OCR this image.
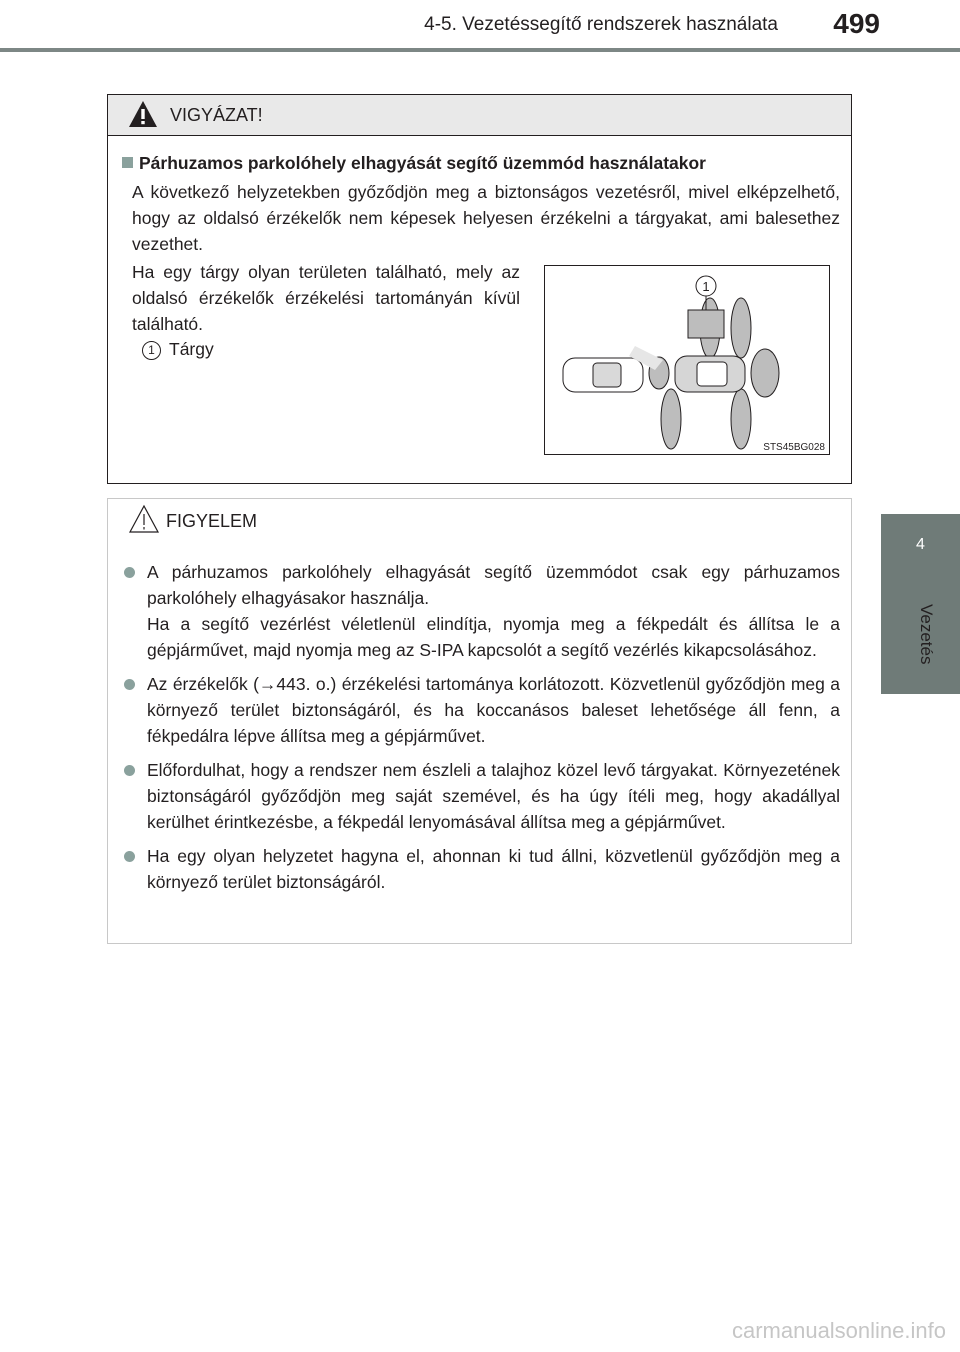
4-5. Vezetéssegítő rendszerek használata 499
4
Vezetés
VIGYÁZAT!
Párhuzamos parkolóhely elhagyását segítő üzemmód használatakor
A következő helyzetekben győződjön meg a biztonságos vezetésről, mivel elképzelhető, hogy az oldalsó érzékelők nem képesek helyesen érzékelni a tárgyakat, ami balesethez vezethet.
Ha egy tárgy olyan területen található, mely az oldalsó érzékelők érzékelési tartományán kívül található.
1 Tárgy
1
STS45BG028
FIGYELEM

A párhuzamos parkolóhely elhagyását segítő üzemmódot csak egy párhuzamos parkolóhely elhagyásakor használja.

Ha a segítő vezérlést véletlenül elindítja, nyomja meg a fékpedált és állítsa le a gépjárművet, majd nyomja meg az S-IPA kapcsolót a segítő vezérlés kikapcsolásához.

Az érzékelők (→443. o.) érzékelési tartománya korlátozott. Közvetlenül győződjön meg a környező terület biztonságáról, és ha koccanásos baleset lehetősége áll fenn, a fékpedálra lépve állítsa meg a gépjárművet.

Előfordulhat, hogy a rendszer nem észleli a talajhoz közel levő tárgyakat. Környezetének biztonságáról győződjön meg saját szemével, és ha úgy ítéli meg, hogy akadállyal kerülhet érintkezésbe, a fékpedál lenyomásával állítsa meg a gépjárművet.

Ha egy olyan helyzetet hagyna el, ahonnan ki tud állni, közvetlenül győződjön meg a környező terület biztonságáról.

carmanualsonline.info
